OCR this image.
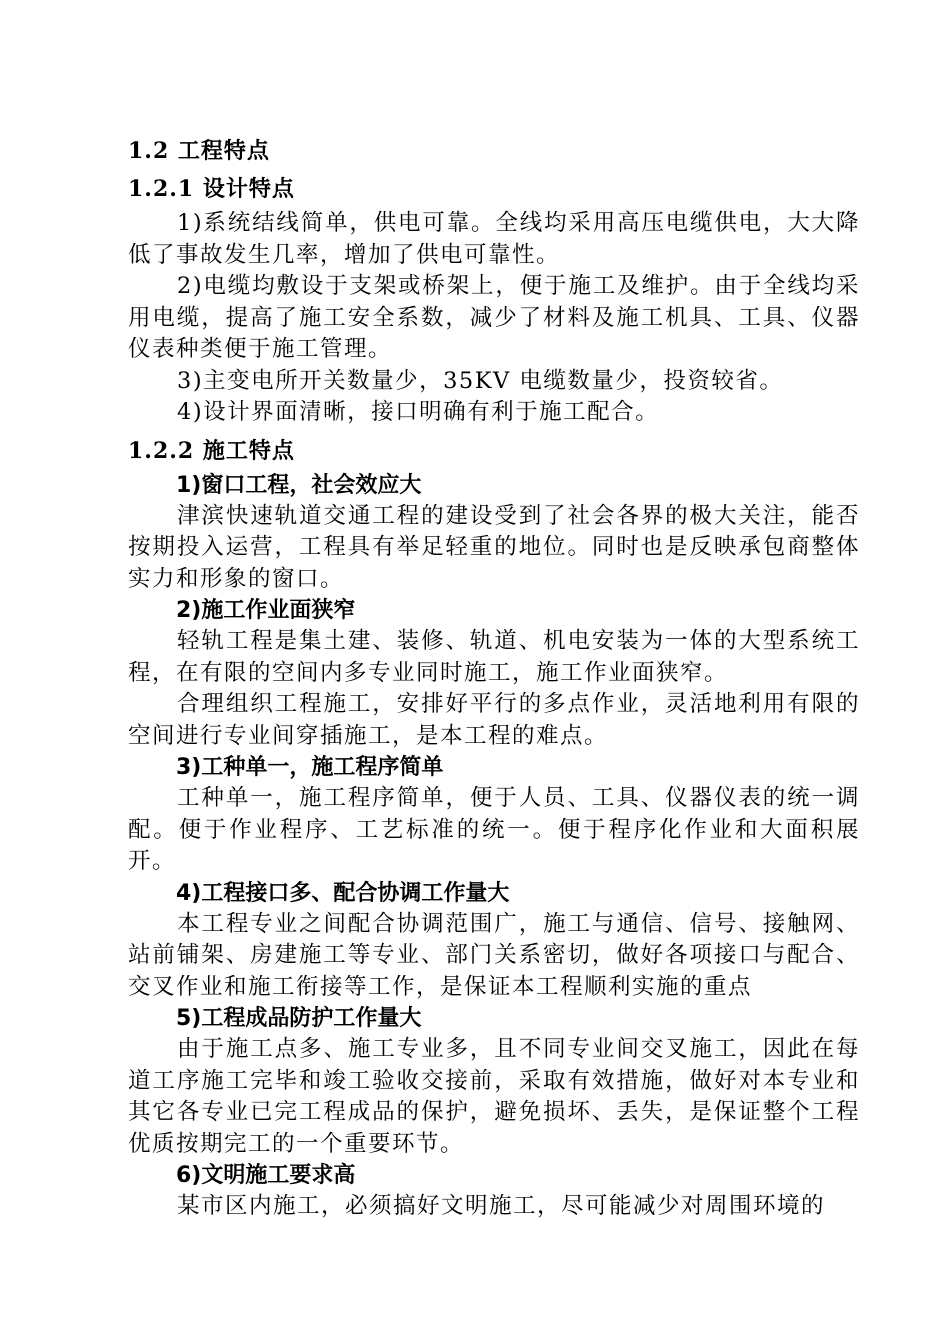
1.2 工程特点
1.2.1 设计特点

1)系统结线简单，供电可靠。全线均采用高压电缆供电，大大降低了事故发生几率，增加了供电可靠性。

2)电缆均敷设于支架或桥架上，便于施工及维护。由于全线均采用电缆，提高了施工安全系数，减少了材料及施工机具、工具、仪器仪表种类便于施工管理。

3)主变电所开关数量少，35KV 电缆数量少，投资较省。

4)设计界面清晰，接口明确有利于施工配合。

1.2.2 施工特点
1)窗口工程，社会效应大

津滨快速轨道交通工程的建设受到了社会各界的极大关注，能否按期投入运营，工程具有举足轻重的地位。同时也是反映承包商整体实力和形象的窗口。

2)施工作业面狭窄

轻轨工程是集土建、装修、轨道、机电安装为一体的大型系统工程，在有限的空间内多专业同时施工，施工作业面狭窄。

合理组织工程施工，安排好平行的多点作业，灵活地利用有限的空间进行专业间穿插施工，是本工程的难点。

3)工种单一，施工程序简单

工种单一，施工程序简单，便于人员、工具、仪器仪表的统一调配。便于作业程序、工艺标准的统一。便于程序化作业和大面积展开。

4)工程接口多、配合协调工作量大

本工程专业之间配合协调范围广，施工与通信、信号、接触网、站前铺架、房建施工等专业、部门关系密切，做好各项接口与配合、交叉作业和施工衔接等工作，是保证本工程顺利实施的重点

5)工程成品防护工作量大

由于施工点多、施工专业多，且不同专业间交叉施工，因此在每道工序施工完毕和竣工验收交接前，采取有效措施，做好对本专业和其它各专业已完工程成品的保护，避免损坏、丢失，是保证整个工程优质按期完工的一个重要环节。

6)文明施工要求高

某市区内施工，必须搞好文明施工，尽可能减少对周围环境的
